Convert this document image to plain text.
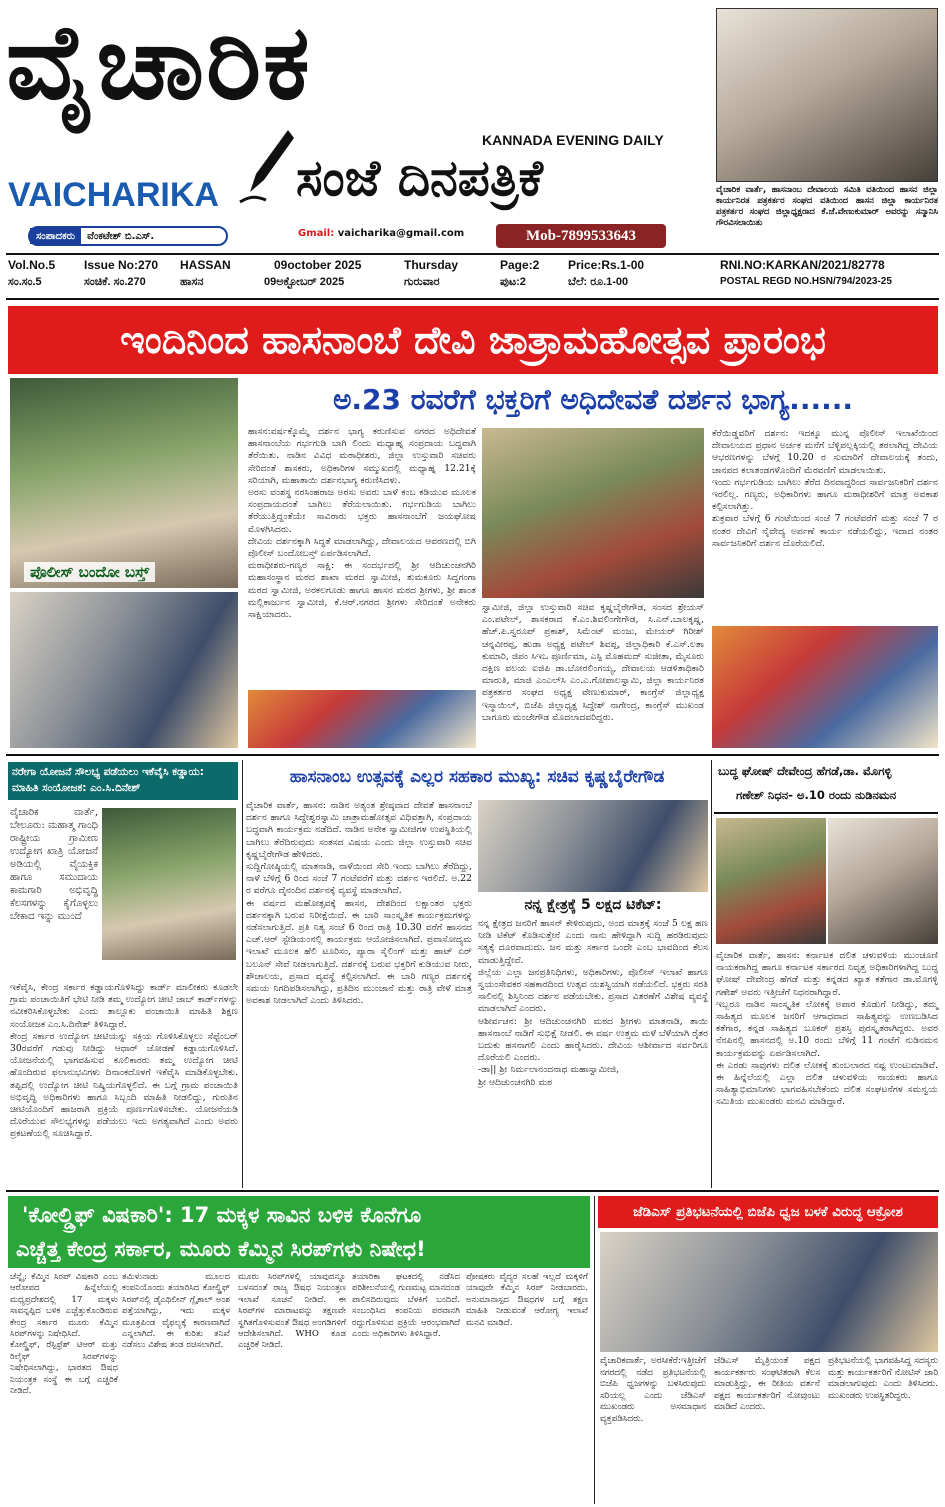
ವೈಚಾರಿಕ
KANNADA EVENING DAILY
VAICHARIKA ಸಂಜೆ ದಿನಪತ್ರಿಕೆ
ಸಂಪಾದಕರು	ವೆಂಕಟೇಶ್ ಬಿ.ಎಸ್.	Gmail: vaicharika@gmail.com	Mob-7899533643
ವೈಚಾರಿಕ ವಾರ್ತೆ, ಹಾಸನಾಂಬ ದೇವಾಲಯ ಸಮಿತಿ ವತಿಯಿಂದ ಹಾಸನ ಜಿಲ್ಲಾ ಕಾರ್ಯನಿರತ ಪತ್ರಕರ್ತರ ಸಂಘದ ವತಿಯಿಂದ ಹಾಸನ ಜಿಲ್ಲಾ ಕಾರ್ಯನಿರತ ಪತ್ರಕರ್ತರ ಸಂಘದ ಜಿಲ್ಲಾಧ್ಯಕ್ಷರಾದ ಕೆ.ಜೆ.ವೇಣುಕುಮಾರ್ ಅವರನ್ನು ಸನ್ಮಾನಿಸಿ ಗೌರವಿಸಲಾಯಿತು
Vol.No.5 Issue No:270 HASSAN	09october 2025	Thursday	Page:2 Price:Rs.1-00	RNI.NO:KARKAN/2021/82778
ಸಂ.ಸಂ.5	ಸಂಚಿಕೆ. ಸಂ.270	ಹಾಸನ	09ಅಕ್ಟೋಬರ್ 2025	ಗುರುವಾರ	ಪುಟ:2	ಬೆಲೆ: ರೂ.1-00	POSTAL REGD NO.HSN/794/2023-25
ಇಂದಿನಿಂದ ಹಾಸನಾಂಬೆ ದೇವಿ ಜಾತ್ರಾಮಹೋತ್ಸವ ಪ್ರಾರಂಭ
ಪೊಲೀಸ್ ಬಂದೋ ಬಸ್ತ್
ಅ.23 ರವರೆಗೆ ಭಕ್ತರಿಗೆ ಅಧಿದೇವತೆ ದರ್ಶನ ಭಾಗ್ಯ......
ಹಾಸನ:ವರ್ಷಕ್ಕೊಮ್ಮೆ ದರ್ಶನ ಭಾಗ್ಯ ಕರುಣಿಸುವ ನಗರದ ಅಧಿದೇವತೆ ಹಾಸನಾಂಬೆಯ ಗರ್ಭಗುಡಿ ಬಾಗಿ ಲಿಂದು ಮಧ್ಯಾಹ್ನ ಸಂಪ್ರದಾಯ ಬದ್ಧವಾಗಿ ತೆರೆಯಿತು. ನಾಡಿನ ವಿವಿಧ ಮಠಾಧೀಶರು, ಜಿಲ್ಲಾ ಉಸ್ತುವಾರಿ ಸಚಿವರು ಸೇರಿದಂತೆ ಶಾಸಕರು, ಅಧಿಕಾರಿಗಳ ಸಮ್ಮುಖದಲ್ಲಿ ಮಧ್ಯಾಹ್ನ 12.21ಕ್ಕೆ ಸರಿಯಾಗಿ, ಮಹಾತಾಯಿ ದರ್ಶನಭಾಗ್ಯ ಕರುಣಿಸಿದಳು.
ಅರಸು ವಂಶಸ್ಥ ನರಸಿಂಹರಾಜ ಅರಸು ಅವರು ಬಾಳೆ ಕಂಬ ಕಡಿಯುವ ಮೂಲಕ ಸಂಪ್ರದಾಯದಂತೆ ಬಾಗಿಲು ತೆರೆಯಲಾಯಿತು. ಗರ್ಭಗುಡಿಯ ಬಾಗಿಲು ತೆರೆಯುತ್ತಿದ್ದಂತೆಯೇ ಸಾವಿರಾರು ಭಕ್ತರು ಹಾಸನಾಂಬೆಗೆ ಜಯಘೋಷ ಮೊಳಗಿಸಿದರು.
ದೇವಿಯ ದರ್ಶನಕ್ಕಾಗಿ ಸಿದ್ಧತೆ ಮಾಡಲಾಗಿದ್ದು, ದೇವಾಲಯದ ಆವರಣದಲ್ಲಿ ಬಿಗಿ ಪೊಲೀಸ್ ಬಂದೋಬಸ್ತ್ ಏರ್ಪಡಿಸಲಾಗಿದೆ.
ಮಠಾಧೀಶರು-ಗಣ್ಯರ ಸಾಕ್ಷಿ: ಈ ಸಂದರ್ಭದಲ್ಲಿ ಶ್ರೀ ಆದಿಚುಂಚನಗಿರಿ ಮಹಾಸಂಸ್ಥಾನ ಮಠದ ಶಾಖಾ ಮಠದ ಸ್ವಾಮೀಜಿ, ತುಮಕೂರು ಸಿದ್ದಗಂಗಾ ಮಠದ ಸ್ವಾಮೀಜಿ, ಅರಕಲಗೂಡು ಹಾಗೂ ಹಾಸನ ಮಠದ ಶ್ರೀಗಳು, ಶ್ರೀ ಶಾಂತ ಮಲ್ಲಿಕಾರ್ಜುನ ಸ್ವಾಮೀಜಿ, ಕೆ.ಆರ್.ನಗರದ ಶ್ರೀಗಳು ಸೇರಿದಂತೆ ಅನೇಕರು ಸಾಕ್ಷಿಯಾದರು.
ಸ್ವಾಮೀಜಿ, ಜಿಲ್ಲಾ ಉಸ್ತುವಾರಿ ಸಚಿವ ಕೃಷ್ಣಬೈರೇಗೌಡ, ಸಂಸದ ಶ್ರೇಯಸ್ ಎಂ.ಪಟೇಲ್, ಶಾಸಕರಾದ ಕೆ.ಎಂ.ಶಿವಲಿಂಗೇಗೌಡ, ಸಿ.ಎನ್.ಬಾಲಕೃಷ್ಣ, ಹೆಚ್.ಪಿ.ಸ್ವರೂಪ್ ಪ್ರಕಾಶ್, ಸಿಮೆಂಟ್ ಮಂಜು, ಮೇಯರ್ ಗಿರೀಶ್ ಚನ್ನವೀರಪ್ಪ, ಹುಡಾ ಅಧ್ಯಕ್ಷ ಪಟೇಲ್ ಶಿವಪ್ಪ, ಜಿಲ್ಲಾಧಿಕಾರಿ ಕೆ.ಎಸ್.ಲತಾ ಕುಮಾರಿ, ಜಿಪಂ ಸಿಇಒ ಪೂರ್ಣಿಮಾ, ಎಸ್ಪಿ ಮೊಹಮದ್ ಸುಜೀತಾ, ಮೈಸೂರು ದಕ್ಷಿಣ ವಲಯ ಐಜಿಪಿ ಡಾ.ಬೋರಲಿಂಗಯ್ಯ, ದೇವಾಲಯ ಆಡಳಿತಾಧಿಕಾರಿ ಮಾರುತಿ, ಮಾಜಿ ಎಂಎಲ್‌ಸಿ ಎಂ.ಎ.ಗೋಪಾಲಸ್ವಾಮಿ, ಜಿಲ್ಲಾ ಕಾರ್ಯನಿರತ ಪತ್ರಕರ್ತರ ಸಂಘದ ಅಧ್ಯಕ್ಷ ವೇಣುಕುಮಾರ್, ಕಾಂಗ್ರೆಸ್ ಜಿಲ್ಲಾಧ್ಯಕ್ಷ ಇಸ್ಮಾಯಿಲ್, ಬಿಜೆಪಿ ಜಿಲ್ಲಾಧ್ಯಕ್ಷ ಸಿದ್ದೇಶ್ ನಾಗೇಂದ್ರ, ಕಾಂಗ್ರೆಸ್ ಮುಖಂಡ ಬಾಗೂರು ಮಂಜೇಗೌಡ ಮೊದಲಾದವರಿದ್ದರು.
ಕೆರೆಯಿಡ್ಡವರಿಗೆ ದರ್ಶನ: ಇದಕ್ಕೂ ಮುನ್ನ ಪೊಲೀಸ್ ಇಲಾಖೆಯಿಂದ ದೇವಾಲಯದ ಪ್ರಧಾನ ಅರ್ಚಕ ಮನೆಗೆ ಬೆಳ್ಳಿಪಲ್ಲಕ್ಕಿಯಲ್ಲಿ ತರಲಾಗಿದ್ದ ದೇವಿಯ ಆಭರಣಗಳನ್ನು ಬೆಳಗ್ಗೆ 10.20 ರ ಸುಮಾರಿಗೆ ದೇವಾಲಯಕ್ಕೆ ತಂದು, ಜಾನಪದ ಕಲಾತಂಡಗಳೊಂದಿಗೆ ಮೆರವಣಿಗೆ ಮಾಡಲಾಯಿತು.
ಇಂದು ಗರ್ಭಗುಡಿಯ ಬಾಗಿಲು ತೆರೆದ ದಿನವಾದ್ದರಿಂದ ಸಾರ್ವಜನಿಕರಿಗೆ ದರ್ಶನ ಇರಲಿಲ್ಲ. ಗಣ್ಯರು, ಅಧಿಕಾರಿಗಳು ಹಾಗೂ ಮಠಾಧೀಶರಿಗೆ ಮಾತ್ರ ಅವಕಾಶ ಕಲ್ಪಿಸಲಾಗಿತ್ತು.
ಶುಕ್ರವಾರ ಬೆಳಗ್ಗೆ 6 ಗಂಟೆಯಿಂದ ಸಂಜೆ 7 ಗಂಟೆವರೆಗೆ ಮತ್ತು ಸಂಜೆ 7 ರ ನಂತರ ದೇವಿಗೆ ನೈವೇದ್ಯ ಅರ್ಪಣೆ ಕಾರ್ಯ ನಡೆಯಲಿದ್ದು, ಇದಾದ ನಂತರ ಸಾರ್ವಜನಿಕರಿಗೆ ದರ್ಶನ ದೊರೆಯಲಿದೆ.
ನರೇಗಾ ಯೋಜನೆ ಸೌಲಭ್ಯ ಪಡೆಯಲು ಇಕೆವೈಸಿ ಕಡ್ಡಾಯ: ಮಾಹಿತಿ ಸಂಯೋಜಕ: ಎಂ.ಸಿ.ದಿನೇಶ್
ವೈಚಾರಿಕ ವಾರ್ತೆ, ಬೇಲೂರು: ಮಹಾತ್ಮ ಗಾಂಧಿ ರಾಷ್ಟ್ರೀಯ ಗ್ರಾಮೀಣ ಉದ್ಯೋಗ ಖಾತ್ರಿ ಯೋಜನೆ ಅಡಿಯಲ್ಲಿ ವೈಯಕ್ತಿಕ ಹಾಗೂ ಸಮುದಾಯ ಕಾಮಗಾರಿ ಅಭಿವೃದ್ಧಿ ಕೆಲಸಗಳನ್ನು ಕೈಗೊಳ್ಳಲು ಬೇಕಾದ ಇನ್ನು ಮುಂದೆ
ಇಕೆವೈಸಿ, ಕೇಂದ್ರ ಸರ್ಕಾರ ಕಡ್ಡಾಯಗೊಳಿಸಿದ್ದು ಕಾರ್ಡ್ ಮಾಲೀಕರು ಕೂಡಲೇ ಗ್ರಾಮ ಪಂಚಾಯಿತಿಗೆ ಭೇಟಿ ನೀಡಿ ತಮ್ಮ ಉದ್ಯೋಗ ಚೀಟಿ ಜಾಬ್ ಕಾರ್ಡ್‌ಗಳನ್ನು ನವೀಕರಿಸಿಕೊಳ್ಳಬೇಕು ಎಂದು ತಾಲ್ಲೂಕು ಪಂಚಾಯಿತಿ ಮಾಹಿತಿ ಶಿಕ್ಷಣ ಸಂಯೋಜಕ ಎಂ.ಸಿ.ದಿನೇಶ್ ತಿಳಿಸಿದ್ದಾರೆ.
ಕೇಂದ್ರ ಸರ್ಕಾರ ಉದ್ಯೋಗ ಚೀಟಿಯನ್ನು ಸಕ್ರಿಯ ಗೊಳಿಸಿಕೊಳ್ಳಲು ಸೆಪ್ಟೆಂಬರ್ 30ರವರೆಗೆ ಗಡುವು ನೀಡಿದ್ದು ಆಧಾರ್ ಜೋಡಣೆ ಕಡ್ಡಾಯಗೊಳಿಸಿದೆ. ಯೋಜನೆಯಲ್ಲಿ ಭಾಗವಹಿಸುವ ಕೂಲಿಕಾರರು ತಮ್ಮ ಉದ್ಯೋಗ ಚೀಟಿ ಹೊಂದಿರುವ ಫಲಾನುಭವಿಗಳು ದಿನಾಂಕದೊಳಗೆ ಇಕೆವೈಸಿ ಮಾಡಿಕೊಳ್ಳಬೇಕು. ತಪ್ಪಿದಲ್ಲಿ ಉದ್ಯೋಗ ಚೀಟಿ ನಿಷ್ಕ್ರಿಯಗೊಳ್ಳಲಿದೆ. ಈ ಬಗ್ಗೆ ಗ್ರಾಮ ಪಂಚಾಯಿತಿ ಅಭಿವೃದ್ಧಿ ಅಧಿಕಾರಿಗಳು ಹಾಗೂ ಸಿಬ್ಬಂದಿ ಮಾಹಿತಿ ನೀಡಲಿದ್ದು, ಗುರುತಿನ ಚೀಟಿಯೊಂದಿಗೆ ಹಾಜರಾಗಿ ಪ್ರಕ್ರಿಯೆ ಪೂರ್ಣಗೊಳಿಸಬೇಕು. ಯೋಜನೆಯಡಿ ದೊರೆಯುವ ಸೌಲಭ್ಯಗಳನ್ನು ಪಡೆಯಲು ಇದು ಅಗತ್ಯವಾಗಿದೆ ಎಂದು ಅವರು ಪ್ರಕಟಣೆಯಲ್ಲಿ ಸೂಚಿಸಿದ್ದಾರೆ.
ಹಾಸನಾಂಬ ಉತ್ಸವಕ್ಕೆ ಎಲ್ಲರ ಸಹಕಾರ ಮುಖ್ಯ: ಸಚಿವ ಕೃಷ್ಣಬೈರೇಗೌಡ
ವೈಚಾರಿಕ ವಾರ್ತೆ, ಹಾಸನ: ನಾಡಿನ ಅತ್ಯಂತ ಶ್ರೇಷ್ಠವಾದ ದೇವತೆ ಹಾಸನಾಂಬೆ ದರ್ಶನ ಹಾಗೂ ಸಿದ್ದೇಶ್ವರಸ್ವಾಮಿ ಜಾತ್ರಾಮಹೋತ್ಸವ ವಿಧಿವತ್ತಾಗಿ, ಸಂಪ್ರದಾಯ ಬದ್ಧವಾಗಿ ಕಾರ್ಯಕ್ರಮ ನಡೆದಿದೆ. ನಾಡಿನ ಅನೇಕ ಸ್ವಾಮೀಜಿಗಳ ಉಪಸ್ಥಿತಿಯಲ್ಲಿ ಬಾಗಿಲು ತೆರೆದಿರುವುದು ಸಂತಸದ ವಿಷಯ ಎಂದು ಜಿಲ್ಲಾ ಉಸ್ತುವಾರಿ ಸಚಿವ ಕೃಷ್ಣಬೈರೇಗೌಡ ಹೇಳಿದರು.
ಸುದ್ದಿಗೋಷ್ಠಿಯಲ್ಲಿ ಮಾತನಾಡಿ, ನಾಳೆಯಿಂದ ಸೇರಿ ಇಂದು ಬಾಗಿಲು ತೆರೆದಿದ್ದು, ನಾಳೆ ಬೆಳಿಗ್ಗೆ 6 ರಿಂದ ಸಂಜೆ 7 ಗಂಟೆವರೆಗೆ ಮತ್ತು ದರ್ಶನ ಇರಲಿದೆ. ಅ.22 ರ ವರೆಗೂ ದೈನಂದಿನ ದರ್ಶನಕ್ಕೆ ವ್ಯವಸ್ಥೆ ಮಾಡಲಾಗಿದೆ.
ಈ ವರ್ಷದ ಮಹೋತ್ಸವಕ್ಕೆ ಹಾಸನ, ದೇಶದಿಂದ ಲಕ್ಷಾಂತರ ಭಕ್ತರು ದರ್ಶನಕ್ಕಾಗಿ ಬರುವ ನಿರೀಕ್ಷೆಯಿದೆ. ಈ ಬಾರಿ ಸಾಂಸ್ಕೃತಿಕ ಕಾರ್ಯಕ್ರಮಗಳನ್ನು ನಡೆಸಲಾಗುತ್ತಿದೆ. ಪ್ರತಿ ನಿತ್ಯ ಸಂಜೆ 6 ರಿಂದ ರಾತ್ರಿ 10.30 ವರೆಗೆ ಹಾಸನದ ಎಚ್.ಆರ್ ಸ್ಟೇಡಿಯಂನಲ್ಲಿ ಕಾರ್ಯಕ್ರಮ ಆಯೋಜಿಸಲಾಗಿದೆ. ಪ್ರವಾಸೋದ್ಯಮ ಇಲಾಖೆ ಮೂಲಕ ಹೆಲಿ ಟೂರಿಸಂ, ಪ್ಯಾರಾ ಸೈಲಿಂಗ್ ಮತ್ತು ಹಾಟ್ ಏರ್ ಬಲೂನ್ ಸೇವೆ ನೀಡಲಾಗುತ್ತಿದೆ. ದರ್ಶನಕ್ಕೆ ಬರುವ ಭಕ್ತರಿಗೆ ಕುಡಿಯುವ ನೀರು, ಶೌಚಾಲಯ, ಪ್ರಸಾದ ವ್ಯವಸ್ಥೆ ಕಲ್ಪಿಸಲಾಗಿದೆ. ಈ ಬಾರಿ ಗಣ್ಯರ ದರ್ಶನಕ್ಕೆ ಸಮಯ ನಿಗದಿಪಡಿಸಲಾಗಿದ್ದು, ಪ್ರತಿದಿನ ಮುಂಜಾನೆ ಮತ್ತು ರಾತ್ರಿ ವೇಳೆ ಮಾತ್ರ ಅವಕಾಶ ನೀಡಲಾಗಿದೆ ಎಂದು ತಿಳಿಸಿದರು.
ನನ್ನ ಕ್ಷೇತ್ರಕ್ಕೆ 5 ಲಕ್ಷದ ಟಿಕೆಟ್:
ನನ್ನ ಕ್ಷೇತ್ರದ ಜನರಿಗೆ ಹಾಸನ್ ಕೇಳಿರುವುದು, ಅಂದ ಮಾತ್ರಕ್ಕೆ ಸಂಜೆ 5 ಲಕ್ಷ ಹಣ ನೀಡಿ ಟಿಕೆಟ್ ಕೊಡಿಸುತ್ತೇನೆ ಎಂದು ನಾನು ಹೇಳಿದ್ದಾಗಿ ಸುದ್ದಿ ಹರಡಿರುವುದು ಸತ್ಯಕ್ಕೆ ದೂರವಾದುದು. ಜನ ಮತ್ತು ಸರ್ಕಾರ ಒಂದೇ ಎಂಬ ಭಾವದಿಂದ ಕೆಲಸ ಮಾಡುತ್ತಿದ್ದೇವೆ.
ಜಿಲ್ಲೆಯ ಎಲ್ಲಾ ಜನಪ್ರತಿನಿಧಿಗಳು, ಅಧಿಕಾರಿಗಳು, ಪೊಲೀಸ್ ಇಲಾಖೆ ಹಾಗೂ ಸ್ವಯಂಸೇವಕರ ಸಹಕಾರದಿಂದ ಉತ್ಸವ ಯಶಸ್ವಿಯಾಗಿ ನಡೆಯಲಿದೆ. ಭಕ್ತರು ಸರತಿ ಸಾಲಿನಲ್ಲಿ ಶಿಸ್ತಿನಿಂದ ದರ್ಶನ ಪಡೆಯಬೇಕು. ಪ್ರಸಾದ ವಿತರಣೆಗೆ ವಿಶೇಷ ವ್ಯವಸ್ಥೆ ಮಾಡಲಾಗಿದೆ ಎಂದರು.
ಆಶೀರ್ವಚನ: ಶ್ರೀ ಆದಿಚುಂಚನಗಿರಿ ಮಠದ ಶ್ರೀಗಳು ಮಾತನಾಡಿ, ತಾಯಿ ಹಾಸನಾಂಬೆ ನಾಡಿಗೆ ಸುಭಿಕ್ಷೆ ನೀಡಲಿ. ಈ ವರ್ಷ ಉತ್ತಮ ಮಳೆ ಬೆಳೆಯಾಗಿ ರೈತರ ಬದುಕು ಹಸನಾಗಲಿ ಎಂದು ಹಾರೈಸಿದರು. ದೇವಿಯ ಆಶೀರ್ವಾದ ಸರ್ವರಿಗೂ ದೊರೆಯಲಿ ಎಂದರು.
-ಡಾ|| ಶ್ರೀ ನಿರ್ಮಲಾನಂದನಾಥ ಮಹಾಸ್ವಾಮೀಜಿ,
ಶ್ರೀ ಆದಿಚುಂಚನಗಿರಿ ಮಠ
ಬುದ್ಧ ಘೋಷ್ ದೇವೇಂದ್ರ ಹೆಗಡೆ,ಡಾ. ಮೊಗಳ್ಳಿ
ಗಣೇಶ್ ನಿಧನ- ಅ.10 ರಂದು ನುಡಿನಮನ
ವೈಚಾರಿಕ ವಾರ್ತೆ, ಹಾಸನ: ಕರ್ನಾಟಕ ದಲಿತ ಚಳುವಳಿಯ ಮುಂಚೂಣಿ ನಾಯಕರಾಗಿದ್ದ ಹಾಗೂ ಕರ್ನಾಟಕ ಸರ್ಕಾರದ ನಿವೃತ್ತ ಅಧಿಕಾರಿಗಳಾಗಿದ್ದ ಬುದ್ಧ ಘೋಷ್ ದೇವೇಂದ್ರ ಹೆಗಡೆ ಮತ್ತು ಕನ್ನಡದ ಖ್ಯಾತ ಕತೆಗಾರ ಡಾ.ಮೊಗಳ್ಳಿ ಗಣೇಶ್ ಅವರು ಇತ್ತೀಚೆಗೆ ನಿಧನರಾಗಿದ್ದಾರೆ.
ಇಬ್ಬರೂ ನಾಡಿನ ಸಾಂಸ್ಕೃತಿಕ ಲೋಕಕ್ಕೆ ಅಪಾರ ಕೊಡುಗೆ ನೀಡಿದ್ದು, ತಮ್ಮ ಸಾಹಿತ್ಯದ ಮೂಲಕ ಜನರಿಗೆ ಆಗಾಧವಾದ ಸಾಹಿತ್ಯವನ್ನು ಉಣಬಡಿಸಿದ ಕತೆಗಾರ, ಕನ್ನಡ ಸಾಹಿತ್ಯದ ಬೂಕರ್ ಪ್ರಶಸ್ತಿ ಪುರಸ್ಕೃತರಾಗಿದ್ದರು. ಅವರ ನೆನಪಿನಲ್ಲಿ ಹಾಸನದಲ್ಲಿ ಅ.10 ರಂದು ಬೆಳಿಗ್ಗೆ 11 ಗಂಟೆಗೆ ನುಡಿನಮನ ಕಾರ್ಯಕ್ರಮವನ್ನು ಏರ್ಪಡಿಸಲಾಗಿದೆ.
ಈ ಎರಡು ಸಾವುಗಳು ದಲಿತ ಲೋಕಕ್ಕೆ ತುಂಬಲಾರದ ನಷ್ಟ ಉಂಟುಮಾಡಿವೆ. ಈ ಹಿನ್ನೆಲೆಯಲ್ಲಿ ಎಲ್ಲಾ ದಲಿತ ಚಳುವಳಿಯ ನಾಯಕರು ಹಾಗೂ ಸಾಹಿತ್ಯಾಭಿಮಾನಿಗಳು ಭಾಗವಹಿಸಬೇಕೆಂದು ದಲಿತ ಸಂಘಟನೆಗಳ ಸಮನ್ವಯ ಸಮಿತಿಯ ಮುಖಂಡರು ಮನವಿ ಮಾಡಿದ್ದಾರೆ.
'ಕೋಲ್ಡ್ರಿಫ್ ವಿಷಕಾರಿ': 17 ಮಕ್ಕಳ ಸಾವಿನ ಬಳಿಕ ಕೊನೆಗೂ
ಎಚ್ಚೆತ್ತ ಕೇಂದ್ರ ಸರ್ಕಾರ, ಮೂರು ಕೆಮ್ಮಿನ ಸಿರಪ್‌ಗಳು ನಿಷೇಧ!
ಚೆನ್ನೈ: ಕೆಮ್ಮಿನ ಸಿರಪ್ ವಿಷಕಾರಿ ಎಂಬ ಆರೋಪದ ಹಿನ್ನೆಲೆಯಲ್ಲಿ ಮಧ್ಯಪ್ರದೇಶದಲ್ಲಿ 17 ಮಕ್ಕಳು ಸಾವನ್ನಪ್ಪಿದ ಬಳಿಕ ಎಚ್ಚೆತ್ತುಕೊಂಡಿರುವ ಕೇಂದ್ರ ಸರ್ಕಾರ ಮೂರು ಕೆಮ್ಮಿನ ಸಿರಪ್‌ಗಳನ್ನು ನಿಷೇಧಿಸಿದೆ.
ಕೋಲ್ಡ್ರಿಫ್, ರೆಸ್ಪಿಫ್ರೆಶ್ ಟಿಆರ್ ಮತ್ತು ರಿಲೈಫ್ ಸಿರಪ್‌ಗಳನ್ನು ನಿಷೇಧಿಸಲಾಗಿದ್ದು, ಭಾರತದ ಔಷಧ ನಿಯಂತ್ರಕ ಸಂಸ್ಥೆ ಈ ಬಗ್ಗೆ ಎಚ್ಚರಿಕೆ ನೀಡಿದೆ.
ತಮಿಳುನಾಡು ಮೂಲದ ಕಂಪನಿಯೊಂದು ತಯಾರಿಸಿದ ಕೋಲ್ಡ್ರಿಫ್ ಸಿರಪ್‌ನಲ್ಲಿ ಡೈಎಥಿಲೀನ್ ಗ್ಲೈಕಾಲ್ ಅಂಶ ಪತ್ತೆಯಾಗಿದ್ದು, ಇದು ಮಕ್ಕಳ ಮೂತ್ರಪಿಂಡ ವೈಫಲ್ಯಕ್ಕೆ ಕಾರಣವಾಗಿದೆ ಎನ್ನಲಾಗಿದೆ. ಈ ಕುರಿತು ತನಿಖೆ ನಡೆಸಲು ವಿಶೇಷ ತಂಡ ರಚಿಸಲಾಗಿದೆ.
ಮೂರು ಸಿರಪ್‌ಗಳಲ್ಲಿ ಯಾವುದನ್ನೂ ಬಳಸದಂತೆ ರಾಜ್ಯ ಔಷಧ ನಿಯಂತ್ರಣ ಇಲಾಖೆ ಸೂಚನೆ ನೀಡಿದೆ. ಈ ಸಿರಪ್‌ಗಳ ಮಾರಾಟವನ್ನು ತಕ್ಷಣವೇ ಸ್ಥಗಿತಗೊಳಿಸುವಂತೆ ಔಷಧ ಅಂಗಡಿಗಳಿಗೆ ಆದೇಶಿಸಲಾಗಿದೆ. WHO ಕೂಡ ಎಚ್ಚರಿಕೆ ನೀಡಿದೆ.
ತಯಾರಿಕಾ ಘಟಕದಲ್ಲಿ ನಡೆಸಿದ ಪರಿಶೀಲನೆಯಲ್ಲಿ ಗುಣಮಟ್ಟ ಮಾನದಂಡ ಪಾಲಿಸದಿರುವುದು ಬೆಳಕಿಗೆ ಬಂದಿದೆ. ಸಂಬಂಧಿಸಿದ ಕಂಪನಿಯ ಪರವಾನಗಿ ರದ್ದುಗೊಳಿಸುವ ಪ್ರಕ್ರಿಯೆ ಆರಂಭವಾಗಿದೆ ಎಂದು ಅಧಿಕಾರಿಗಳು ತಿಳಿಸಿದ್ದಾರೆ.
ಪೋಷಕರು ವೈದ್ಯರ ಸಲಹೆ ಇಲ್ಲದೆ ಮಕ್ಕಳಿಗೆ ಯಾವುದೇ ಕೆಮ್ಮಿನ ಸಿರಪ್ ನೀಡಬಾರದು. ಅನುಮಾನಾಸ್ಪದ ಔಷಧಗಳ ಬಗ್ಗೆ ತಕ್ಷಣ ಮಾಹಿತಿ ನೀಡುವಂತೆ ಆರೋಗ್ಯ ಇಲಾಖೆ ಮನವಿ ಮಾಡಿದೆ.
ಜೆಡಿಎಸ್ ಪ್ರತಿಭಟನೆಯಲ್ಲಿ ಬಿಜೆಪಿ ಧ್ವಜ ಬಳಕೆ ವಿರುದ್ಧ ಆಕ್ರೋಶ
ವೈಚಾರಿಕವಾರ್ತೆ, ಅರಸೀಕೆರೆ:ಇತ್ತೀಚೆಗೆ ನಗರದಲ್ಲಿ ನಡೆದ ಪ್ರತಿಭಟನೆಯಲ್ಲಿ ಬಿಜೆಪಿ ಧ್ವಜಗಳನ್ನು ಬಳಸಿರುವುದು ಸರಿಯಲ್ಲ ಎಂದು ಜೆಡಿಎಸ್ ಮುಖಂಡರು ಅಸಮಾಧಾನ ವ್ಯಕ್ತಪಡಿಸಿದರು.
ಜೆಡಿಎಸ್ ಮೈತ್ರಿಯಂತೆ ಪಕ್ಷದ ಕಾರ್ಯಕರ್ತರು ಸಂಘಟಿತರಾಗಿ ಕೆಲಸ ಮಾಡುತ್ತಿದ್ದು, ಈ ರೀತಿಯ ವರ್ತನೆ ಪಕ್ಷದ ಕಾರ್ಯಕರ್ತರಿಗೆ ನೋವುಂಟು ಮಾಡಿದೆ ಎಂದರು.
ಪ್ರತಿಭಟನೆಯಲ್ಲಿ ಭಾಗವಹಿಸಿದ್ದ ಸದಸ್ಯರು ಮತ್ತು ಕಾರ್ಯಕರ್ತರಿಗೆ ನೋಟಿಸ್ ಜಾರಿ ಮಾಡಲಾಗುವುದು ಎಂದು ತಿಳಿಸಿದರು. ಮುಖಂಡರು ಉಪಸ್ಥಿತರಿದ್ದರು.
